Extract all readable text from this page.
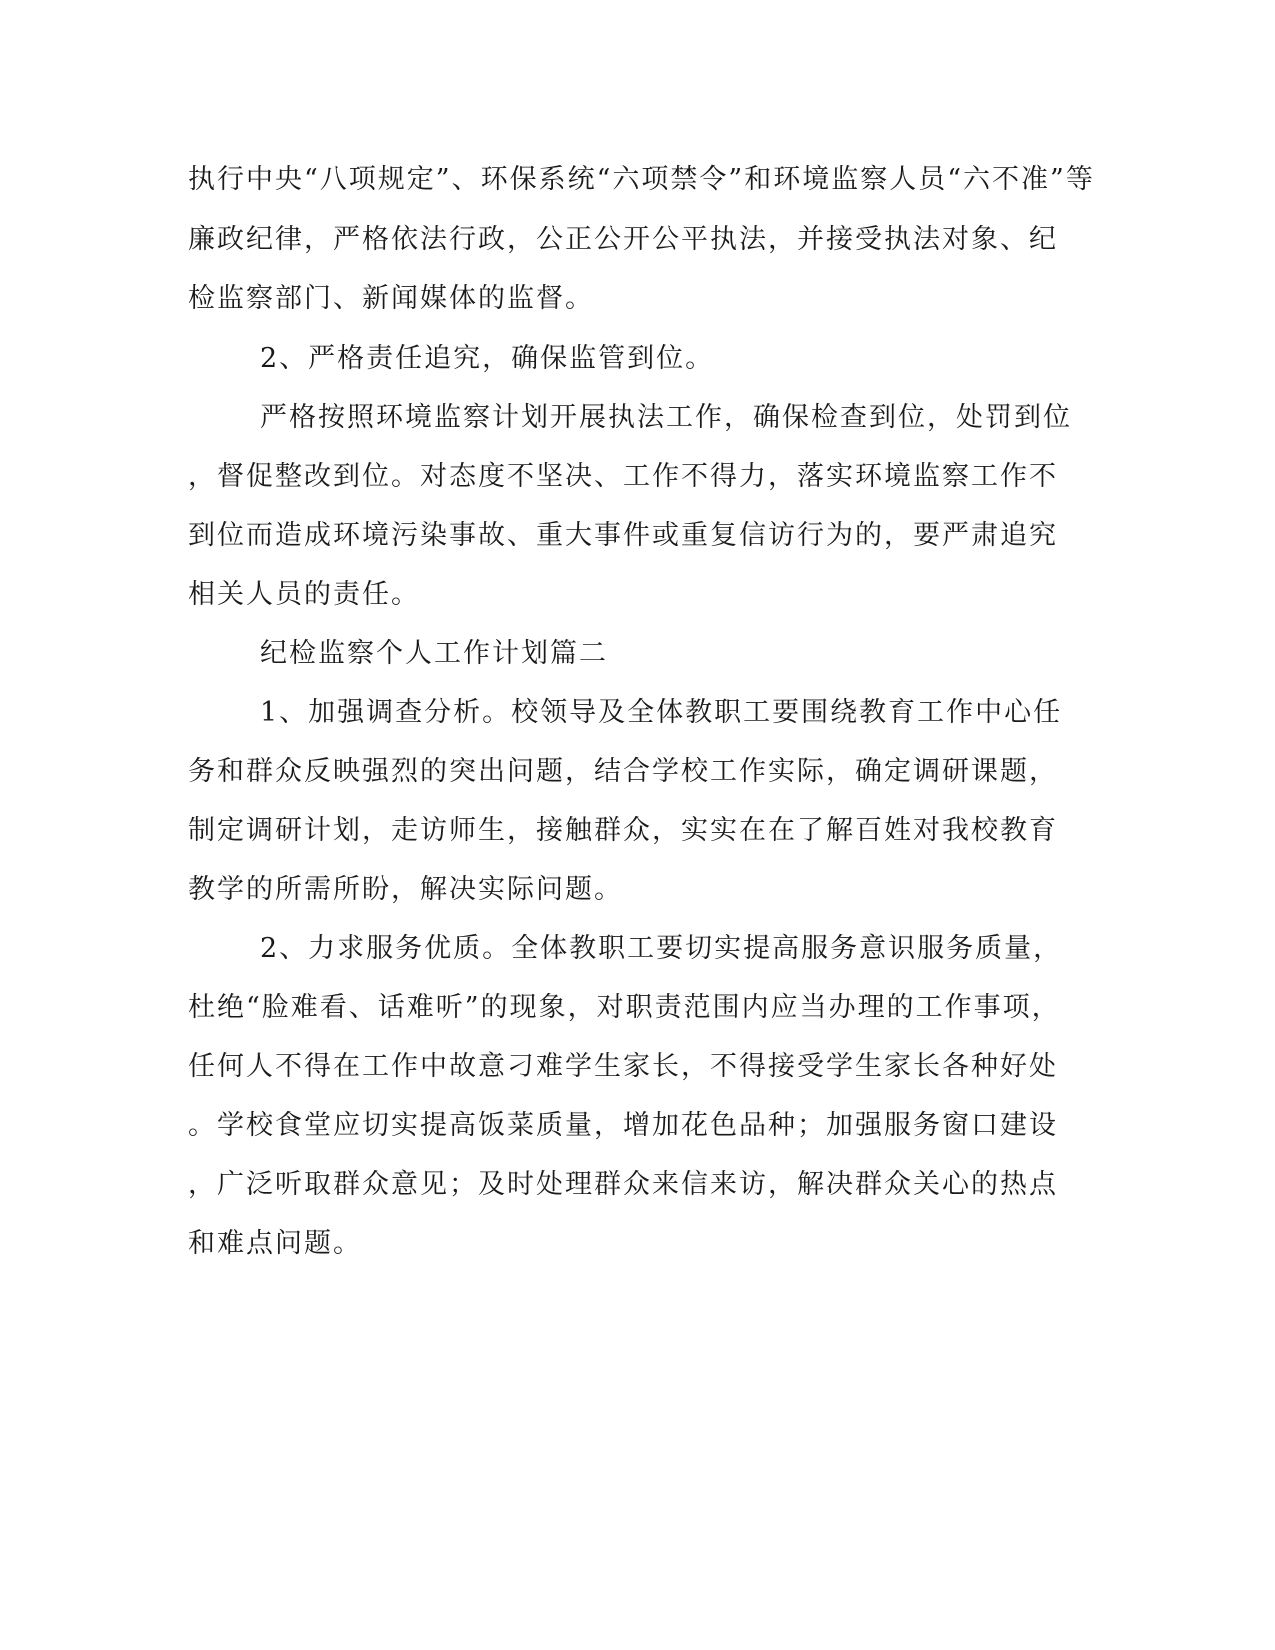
执行中央“八项规定”、环保系统“六项禁令”和环境监察人员“六不准”等
廉政纪律，严格依法行政，公正公开公平执法，并接受执法对象、纪
检监察部门、新闻媒体的监督。
2、严格责任追究，确保监管到位。
严格按照环境监察计划开展执法工作，确保检查到位，处罚到位
，督促整改到位。对态度不坚决、工作不得力，落实环境监察工作不
到位而造成环境污染事故、重大事件或重复信访行为的，要严肃追究
相关人员的责任。
纪检监察个人工作计划篇二
1、加强调查分析。校领导及全体教职工要围绕教育工作中心任
务和群众反映强烈的突出问题，结合学校工作实际，确定调研课题，
制定调研计划，走访师生，接触群众，实实在在了解百姓对我校教育
教学的所需所盼，解决实际问题。
2、力求服务优质。全体教职工要切实提高服务意识服务质量，
杜绝“脸难看、话难听”的现象，对职责范围内应当办理的工作事项，
任何人不得在工作中故意刁难学生家长，不得接受学生家长各种好处
。学校食堂应切实提高饭菜质量，增加花色品种；加强服务窗口建设
，广泛听取群众意见；及时处理群众来信来访，解决群众关心的热点
和难点问题。
